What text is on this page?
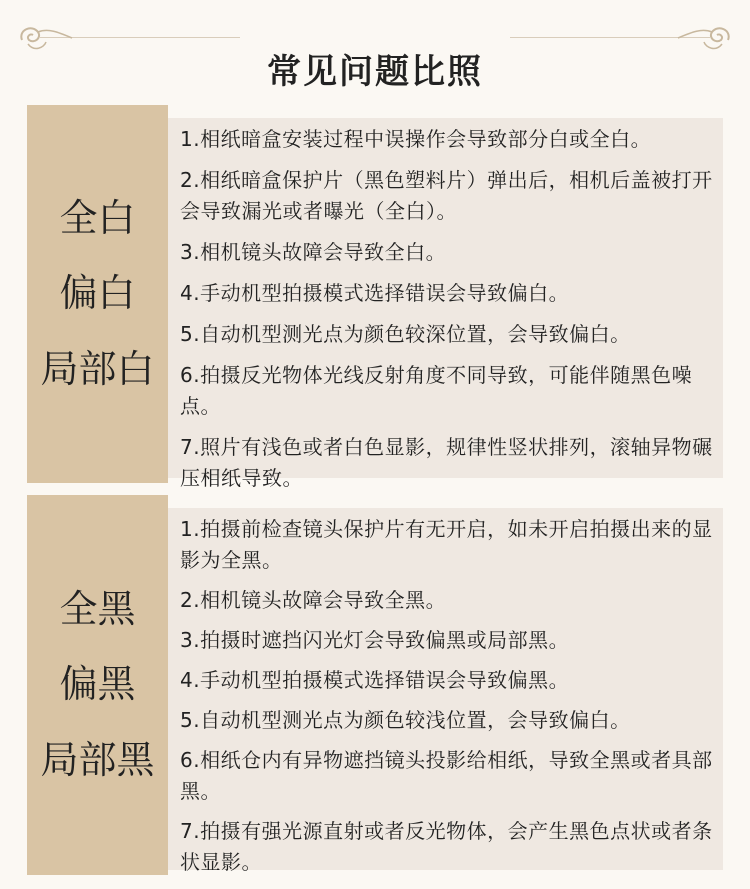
常见问题比照
全白
偏白
局部白
1.相纸暗盒安装过程中误操作会导致部分白或全白。
2.相纸暗盒保护片（黑色塑料片）弹出后，相机后盖被打开会导致漏光或者曝光（全白）。
3.相机镜头故障会导致全白。
4.手动机型拍摄模式选择错误会导致偏白。
5.自动机型测光点为颜色较深位置，会导致偏白。
6.拍摄反光物体光线反射角度不同导致，可能伴随黑色噪点。
7.照片有浅色或者白色显影，规律性竖状排列，滚轴异物碾压相纸导致。
全黑
偏黑
局部黑
1.拍摄前检查镜头保护片有无开启，如未开启拍摄出来的显影为全黑。
2.相机镜头故障会导致全黑。
3.拍摄时遮挡闪光灯会导致偏黑或局部黑。
4.手动机型拍摄模式选择错误会导致偏黑。
5.自动机型测光点为颜色较浅位置，会导致偏白。
6.相纸仓内有异物遮挡镜头投影给相纸，导致全黑或者具部黑。
7.拍摄有强光源直射或者反光物体，会产生黑色点状或者条状显影。
